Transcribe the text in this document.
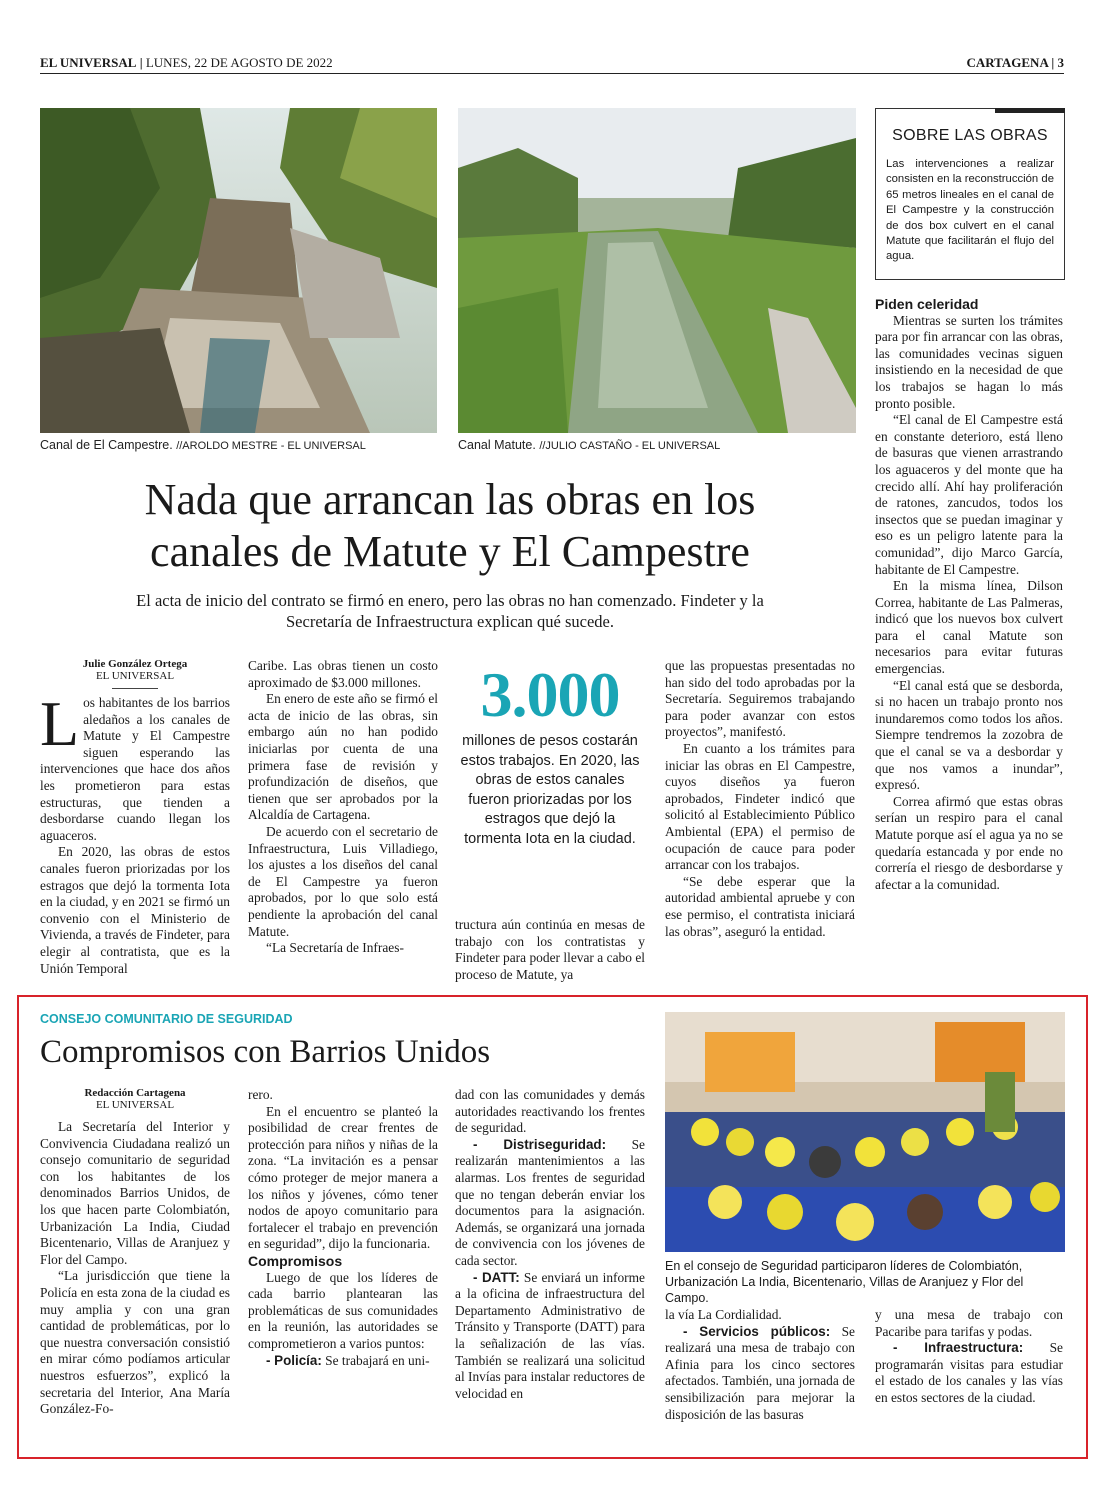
EL UNIVERSAL | LUNES, 22 DE AGOSTO DE 2022	CARTAGENA | 3
Canal de El Campestre. //AROLDO MESTRE - EL UNIVERSAL	Canal Matute. //JULIO CASTAÑO - EL UNIVERSAL
SOBRE LAS OBRAS
Las intervenciones a realizar consisten en la reconstrucción de 65 metros lineales en el canal de El Campestre y la construcción de dos box culvert en el canal Matute que facilitarán el flujo del agua.
Nada que arrancan las obras en los
canales de Matute y El Campestre
El acta de inicio del contrato se firmó en enero, pero las obras no han comenzado. Findeter y la
Secretaría de Infraestructura explican qué sucede.
Julie González Ortega
EL UNIVERSAL

Los habitantes de los barrios aledaños a los canales de Matute y El Campestre siguen esperando las intervenciones que hace dos años les prometieron para estas estructuras, que tienden a desbordarse cuando llegan los aguaceros.

En 2020, las obras de estos canales fueron priorizadas por los estragos que dejó la tormenta Iota en la ciudad, y en 2021 se firmó un convenio con el Ministerio de Vivienda, a través de Findeter, para elegir al contratista, que es la Unión Temporal

Caribe. Las obras tienen un costo aproximado de $3.000 millones.

En enero de este año se firmó el acta de inicio de las obras, sin embargo aún no han podido iniciarlas por cuenta de una primera fase de revisión y profundización de diseños, que tienen que ser aprobados por la Alcaldía de Cartagena.

De acuerdo con el secretario de Infraestructura, Luis Villadiego, los ajustes a los diseños del canal de El Campestre ya fueron aprobados, por lo que solo está pendiente la aprobación del canal Matute.

“La Secretaría de Infraes-

3.000
millones de pesos costarán estos trabajos. En 2020, las obras de estos canales fueron priorizadas por los estragos que dejó la tormenta Iota en la ciudad.

tructura aún continúa en mesas de trabajo con los contratistas y Findeter para poder llevar a cabo el proceso de Matute, ya

que las propuestas presentadas no han sido del todo aprobadas por la Secretaría. Seguiremos trabajando para poder avanzar con estos proyectos”, manifestó.

En cuanto a los trámites para iniciar las obras en El Campestre, cuyos diseños ya fueron aprobados, Findeter indicó que solicitó al Establecimiento Público Ambiental (EPA) el permiso de ocupación de cauce para poder arrancar con los trabajos.

“Se debe esperar que la autoridad ambiental apruebe y con ese permiso, el contratista iniciará las obras”, aseguró la entidad.

Piden celeridad

Mientras se surten los trámites para por fin arrancar con las obras, las comunidades vecinas siguen insistiendo en la necesidad de que los trabajos se hagan lo más pronto posible.

“El canal de El Campestre está en constante deterioro, está lleno de basuras que vienen arrastrando los aguaceros y del monte que ha crecido allí. Ahí hay proliferación de ratones, zancudos, todos los insectos que se puedan imaginar y eso es un peligro latente para la comunidad”, dijo Marco García, habitante de El Campestre.

En la misma línea, Dilson Correa, habitante de Las Palmeras, indicó que los nuevos box culvert para el canal Matute son necesarios para evitar futuras emergencias.

“El canal está que se desborda, si no hacen un trabajo pronto nos inundaremos como todos los años. Siempre tendremos la zozobra de que el canal se va a desbordar y que nos vamos a inundar”, expresó.

Correa afirmó que estas obras serían un respiro para el canal Matute porque así el agua ya no se quedaría estancada y por ende no correría el riesgo de desbordarse y afectar a la comunidad.

CONSEJO COMUNITARIO DE SEGURIDAD
Compromisos con Barrios Unidos
En el consejo de Seguridad participaron líderes de Colombiatón, Urbanización La India, Bicentenario, Villas de Aranjuez y Flor del Campo.
Redacción Cartagena
EL UNIVERSAL

La Secretaría del Interior y Convivencia Ciudadana realizó un consejo comunitario de seguridad con los habitantes de los denominados Barrios Unidos, de los que hacen parte Colombiatón, Urbanización La India, Ciudad Bicentenario, Villas de Aranjuez y Flor del Campo.

“La jurisdicción que tiene la Policía en esta zona de la ciudad es muy amplia y con una gran cantidad de problemáticas, por lo que nuestra conversación consistió en mirar cómo podíamos articular nuestros esfuerzos”, explicó la secretaria del Interior, Ana María González-Fo-

rero.

En el encuentro se planteó la posibilidad de crear frentes de protección para niños y niñas de la zona. “La invitación es a pensar cómo proteger de mejor manera a los niños y jóvenes, cómo tener nodos de apoyo comunitario para fortalecer el trabajo en prevención en seguridad”, dijo la funcionaria.

Compromisos

Luego de que los líderes de cada barrio plantearan las problemáticas de sus comunidades en la reunión, las autoridades se comprometieron a varios puntos:

- Policía: Se trabajará en uni-

dad con las comunidades y demás autoridades reactivando los frentes de seguridad.

- Distriseguridad: Se realizarán mantenimientos a las alarmas. Los frentes de seguridad que no tengan deberán enviar los documentos para la asignación. Además, se organizará una jornada de convivencia con los jóvenes de cada sector.

- DATT: Se enviará un informe a la oficina de infraestructura del Departamento Administrativo de Tránsito y Transporte (DATT) para la señalización de las vías. También se realizará una solicitud al Invías para instalar reductores de velocidad en

la vía La Cordialidad.

- Servicios públicos: Se realizará una mesa de trabajo con Afinia para los cinco sectores afectados. También, una jornada de sensibilización para mejorar la disposición de las basuras

y una mesa de trabajo con Pacaribe para tarifas y podas.

- Infraestructura: Se programarán visitas para estudiar el estado de los canales y las vías en estos sectores de la ciudad.
